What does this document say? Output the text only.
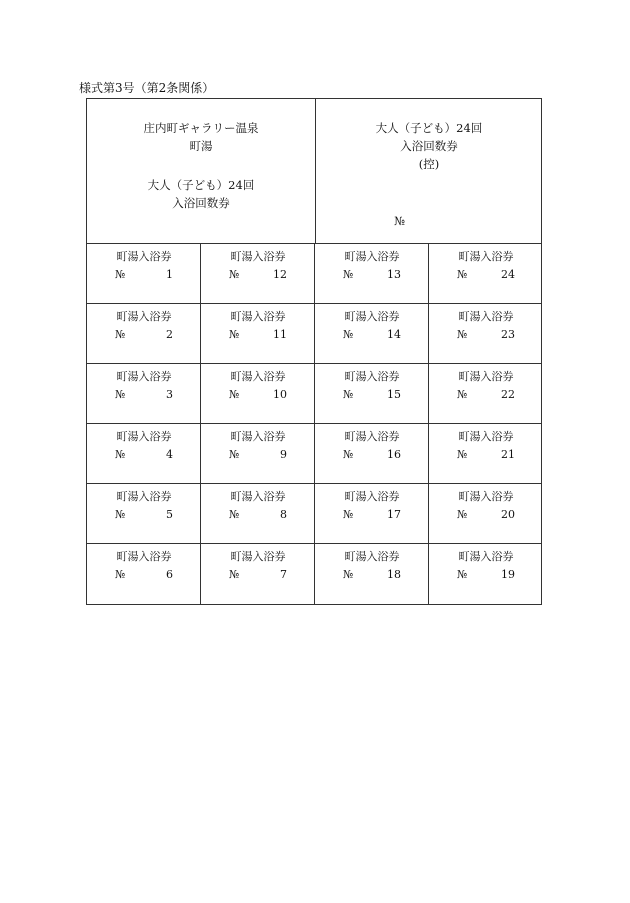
様式第3号（第2条関係）
庄内町ギャラリー温泉
町湯
大人（子ども）24回
入浴回数券
大人（子ども）24回
入浴回数券
(控)
№
町湯入浴券
№	1
町湯入浴券
№	12
町湯入浴券
№	13
町湯入浴券
№	24
町湯入浴券
№	2
町湯入浴券
№	11
町湯入浴券
№	14
町湯入浴券
№	23
町湯入浴券
№	3
町湯入浴券
№	10
町湯入浴券
№	15
町湯入浴券
№	22
町湯入浴券
№	4
町湯入浴券
№	9
町湯入浴券
№	16
町湯入浴券
№	21
町湯入浴券
№	5
町湯入浴券
№	8
町湯入浴券
№	17
町湯入浴券
№	20
町湯入浴券
№	6
町湯入浴券
№	7
町湯入浴券
№	18
町湯入浴券
№	19
